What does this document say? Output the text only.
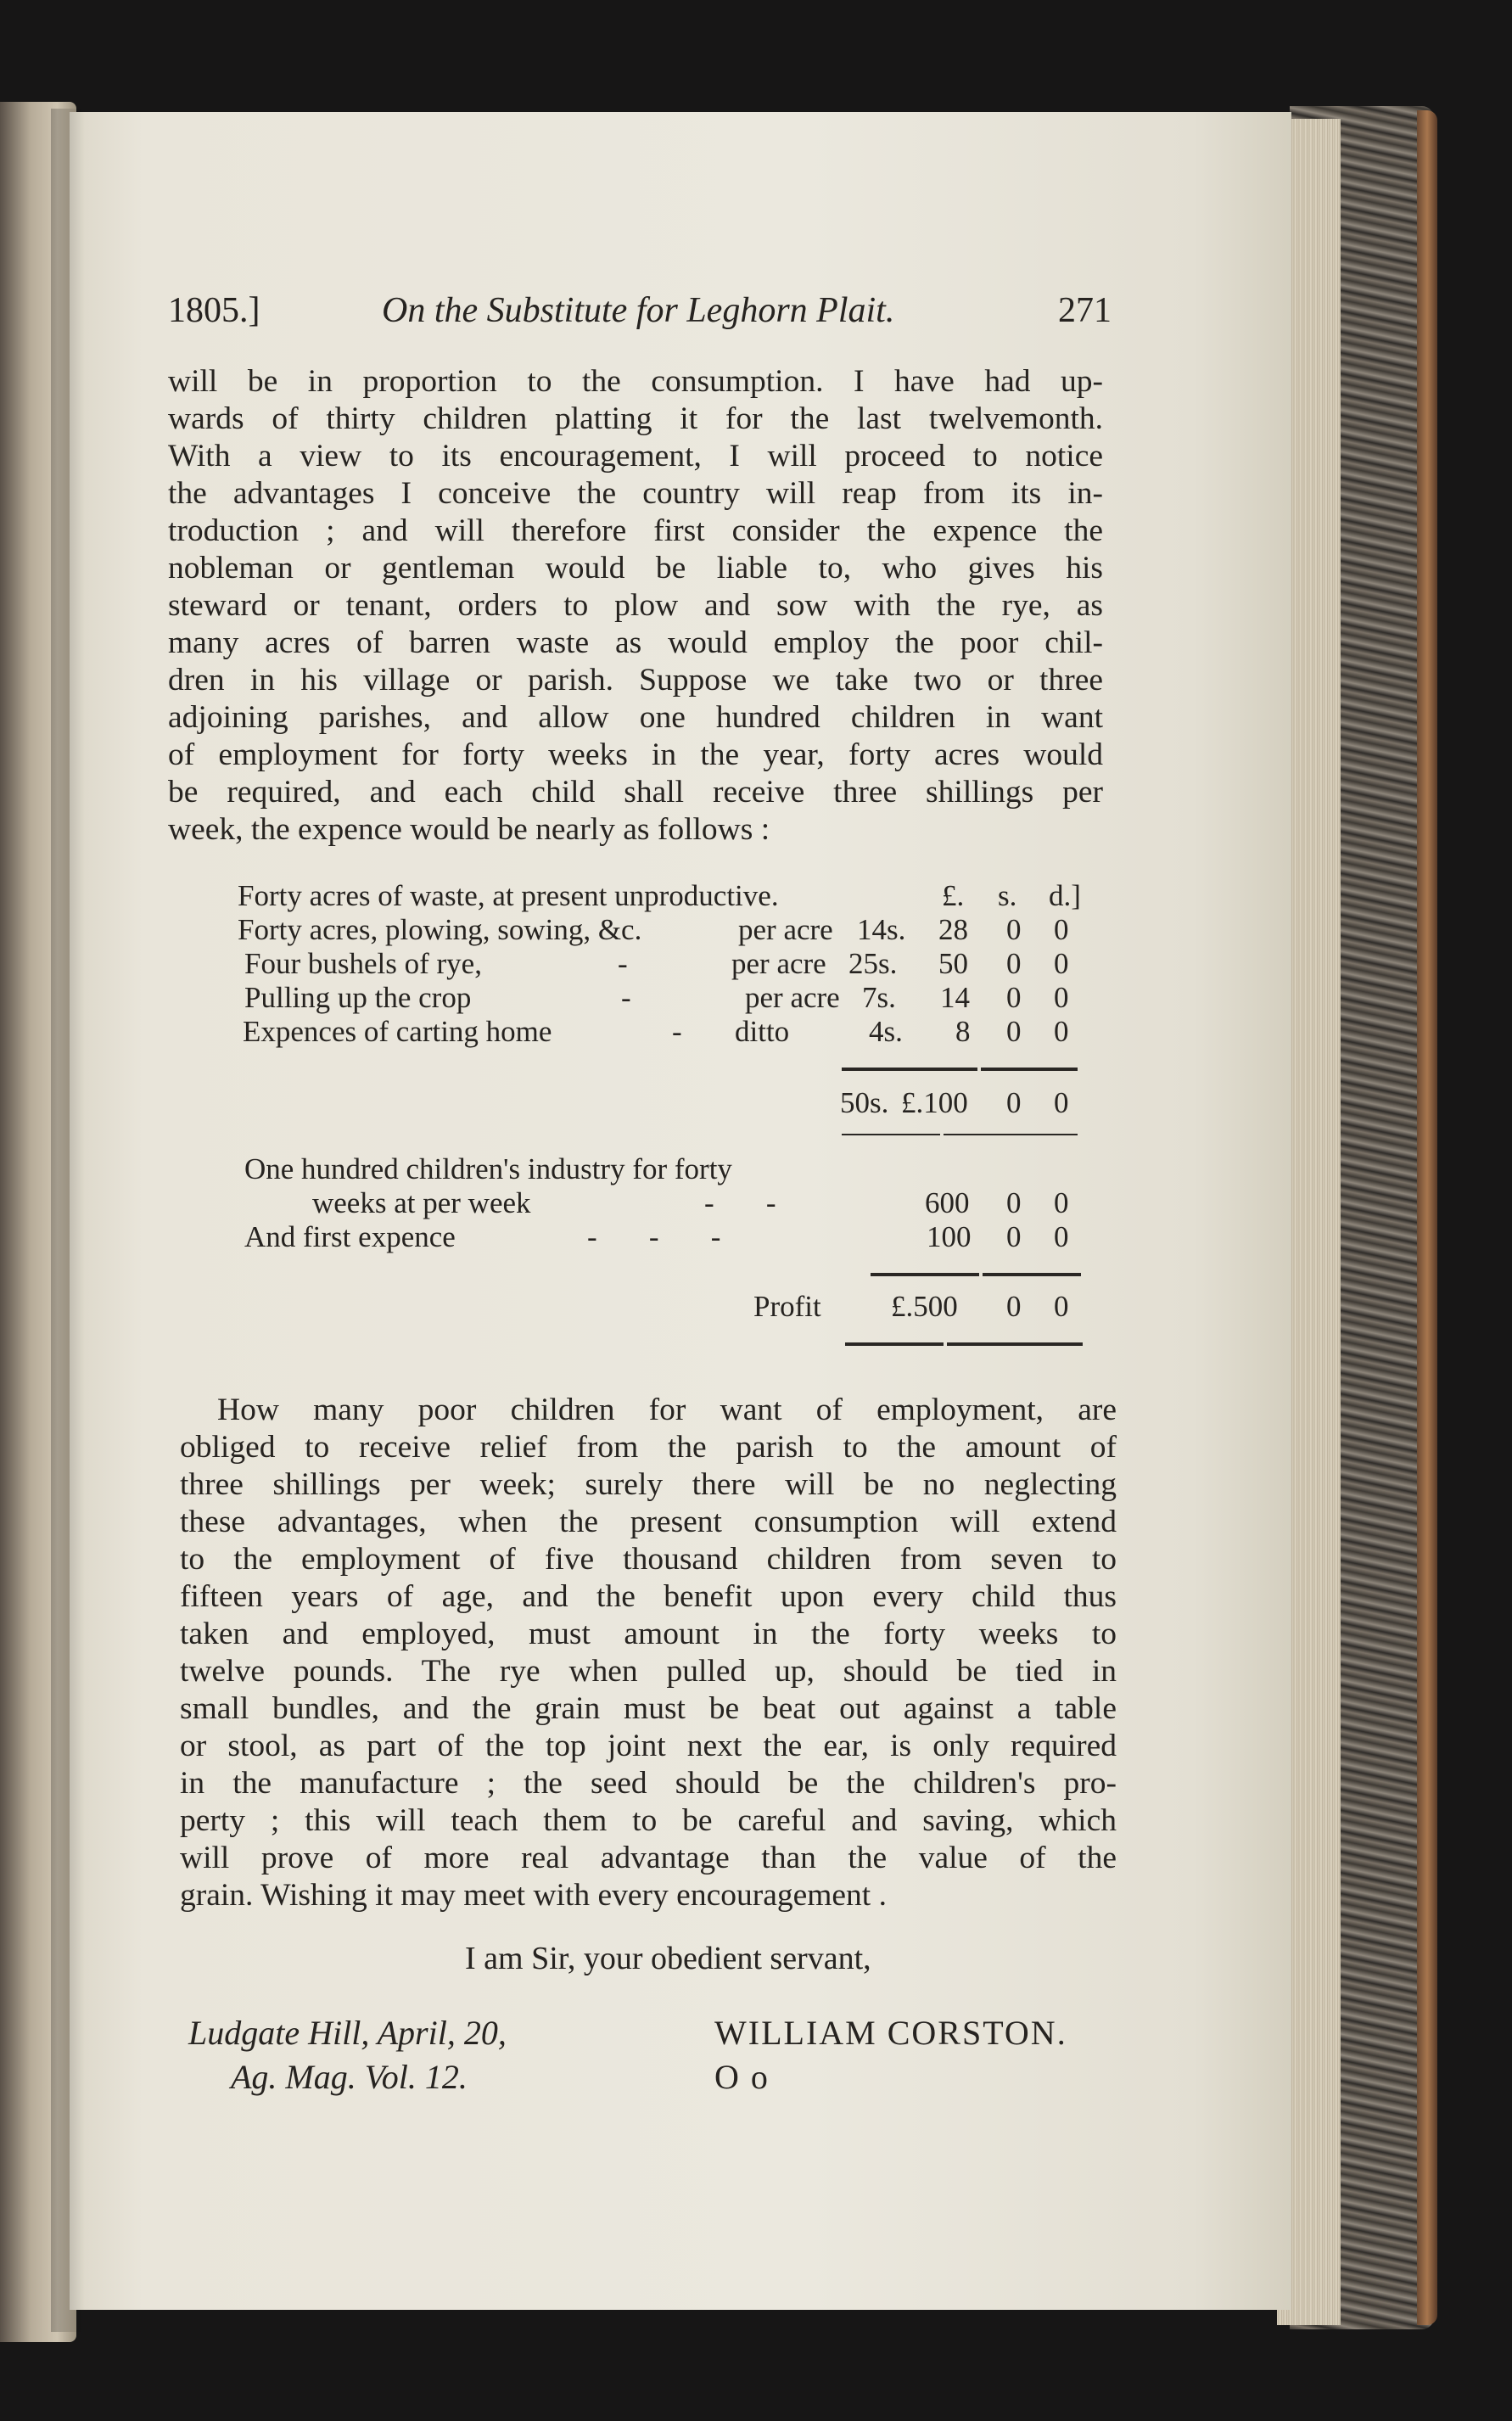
1805.]	On the Substitute for Leghorn Plait.	271
will be in proportion to the consumption. I have had up-
wards of thirty children platting it for the last twelvemonth.
With a view to its encouragement, I will proceed to notice
the advantages I conceive the country will reap from its in-
troduction ; and will therefore first consider the expence the
nobleman or gentleman would be liable to, who gives his
steward or tenant, orders to plow and sow with the rye, as
many acres of barren waste as would employ the poor chil-
dren in his village or parish. Suppose we take two or three
adjoining parishes, and allow one hundred children in want
of employment for forty weeks in the year, forty acres would
be required, and each child shall receive three shillings per
week, the expence would be nearly as follows :
Forty acres of waste, at present unproductive.	£. s. d.]
Forty acres, plowing, sowing, &c.	per acre 14s. 28 0 0
Four bushels of rye,	-	per acre 25s. 50 0 0
Pulling up the crop	-	per acre 7s. 14 0 0
Expences of carting home	- ditto	4s. 8 0 0
50s. £.100 0 0
One hundred children's industry for forty
weeks at per week	-       -	600 0 0
And first expence	-       -       -	100 0 0
Profit £.500 0 0
How many poor children for want of employment, are
obliged to receive relief from the parish to the amount of
three shillings per week; surely there will be no neglecting
these advantages, when the present consumption will extend
to the employment of five thousand children from seven to
fifteen years of age, and the benefit upon every child thus
taken and employed, must amount in the forty weeks to
twelve pounds. The rye when pulled up, should be tied in
small bundles, and the grain must be beat out against a table
or stool, as part of the top joint next the ear, is only required
in the manufacture ; the seed should be the children's pro-
perty ; this will teach them to be careful and saving, which
will prove of more real advantage than the value of the
grain. Wishing it may meet with every encouragement .
I am Sir, your obedient servant,
Ludgate Hill, April, 20,
Ag. Mag. Vol. 12.
WILLIAM CORSTON.
O o
